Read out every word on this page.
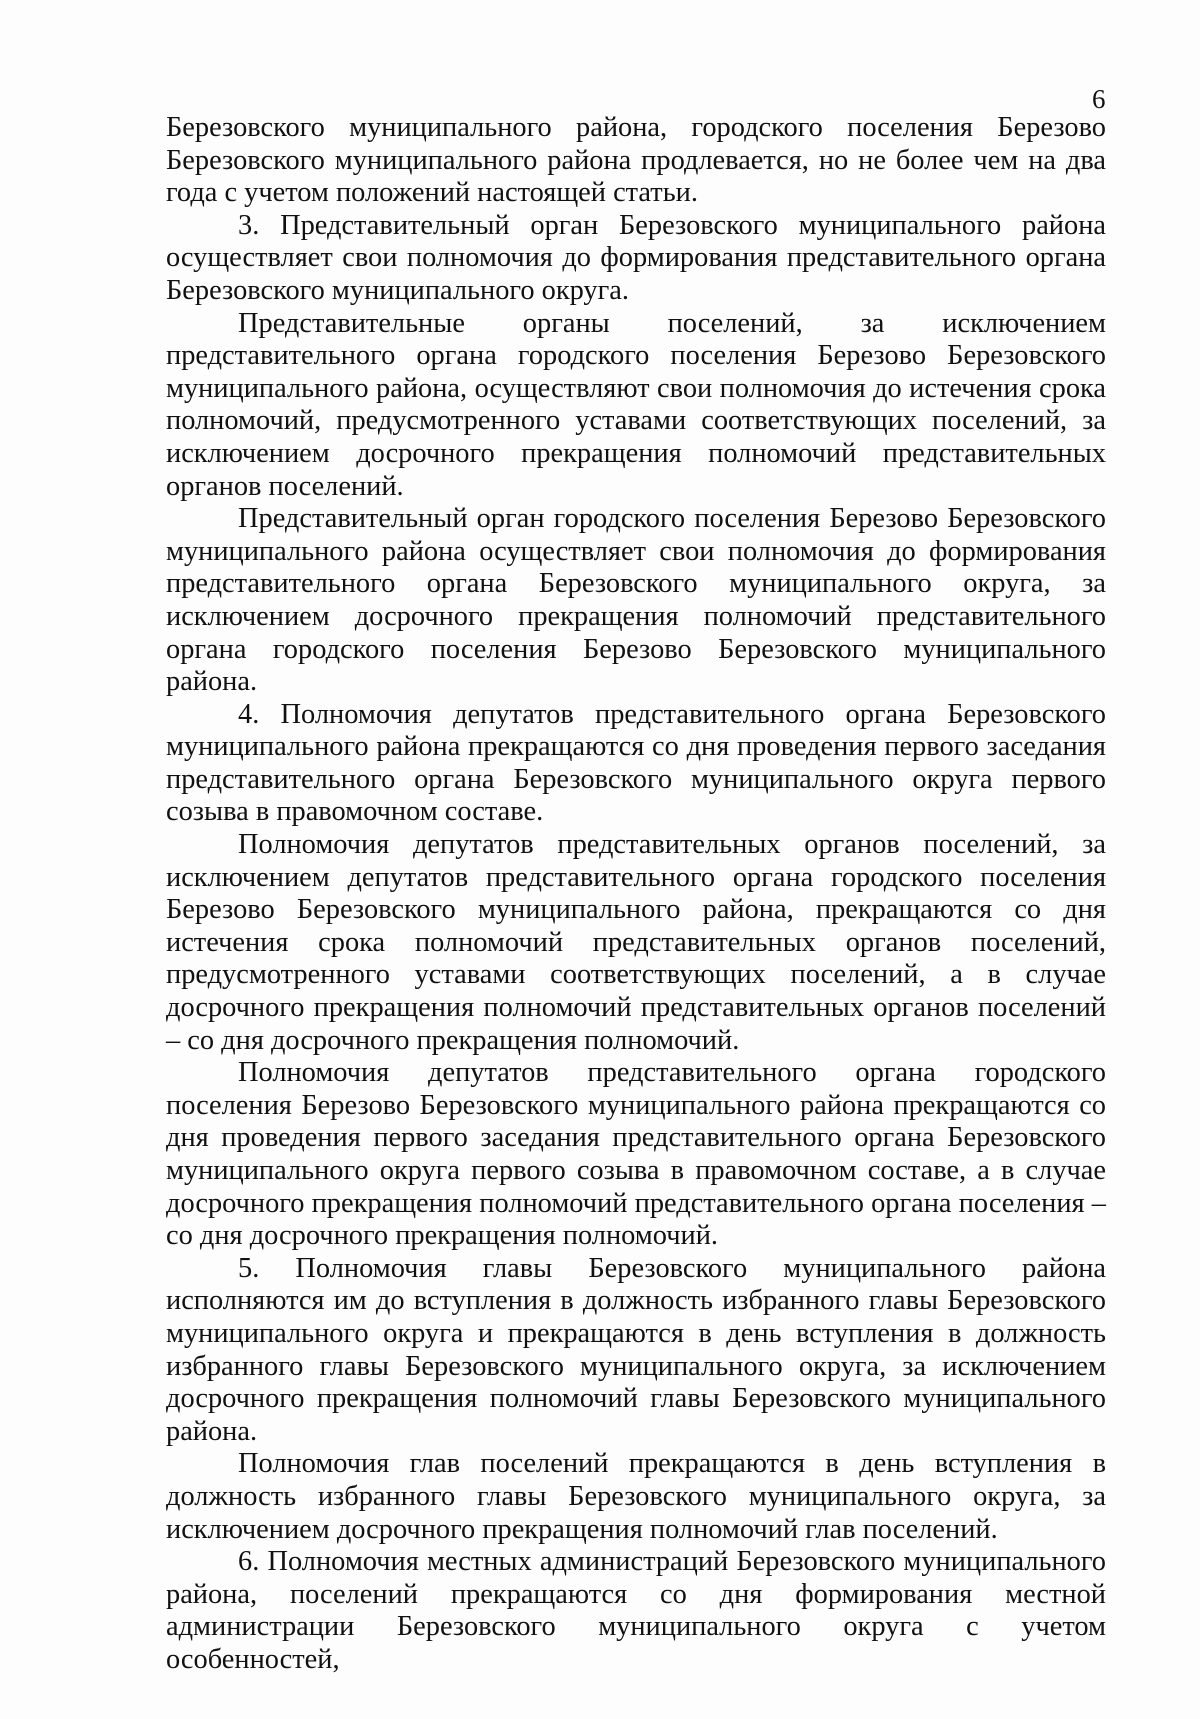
6

Березовского муниципального района, городского поселения Березово Березовского муниципального района продлевается, но не более чем на два года с учетом положений настоящей статьи.

3. Представительный орган Березовского муниципального района осуществляет свои полномочия до формирования представительного органа Березовского муниципального округа.

Представительные органы поселений, за исключением представительного органа городского поселения Березово Березовского муниципального района, осуществляют свои полномочия до истечения срока полномочий, предусмотренного уставами соответствующих поселений, за исключением досрочного прекращения полномочий представительных органов поселений.

Представительный орган городского поселения Березово Березовского муниципального района осуществляет свои полномочия до формирования представительного органа Березовского муниципального округа, за исключением досрочного прекращения полномочий представительного органа городского поселения Березово Березовского муниципального района.

4. Полномочия депутатов представительного органа Березовского муниципального района прекращаются со дня проведения первого заседания представительного органа Березовского муниципального округа первого созыва в правомочном составе.

Полномочия депутатов представительных органов поселений, за исключением депутатов представительного органа городского поселения Березово Березовского муниципального района, прекращаются со дня истечения срока полномочий представительных органов поселений, предусмотренного уставами соответствующих поселений, а в случае досрочного прекращения полномочий представительных органов поселений – со дня досрочного прекращения полномочий.

Полномочия депутатов представительного органа городского поселения Березово Березовского муниципального района прекращаются со дня проведения первого заседания представительного органа Березовского муниципального округа первого созыва в правомочном составе, а в случае досрочного прекращения полномочий представительного органа поселения – со дня досрочного прекращения полномочий.

5. Полномочия главы Березовского муниципального района исполняются им до вступления в должность избранного главы Березовского муниципального округа и прекращаются в день вступления в должность избранного главы Березовского муниципального округа, за исключением досрочного прекращения полномочий главы Березовского муниципального района.

Полномочия глав поселений прекращаются в день вступления в должность избранного главы Березовского муниципального округа, за исключением досрочного прекращения полномочий глав поселений.

6. Полномочия местных администраций Березовского муниципального района, поселений прекращаются со дня формирования местной администрации Березовского муниципального округа с учетом особенностей,
